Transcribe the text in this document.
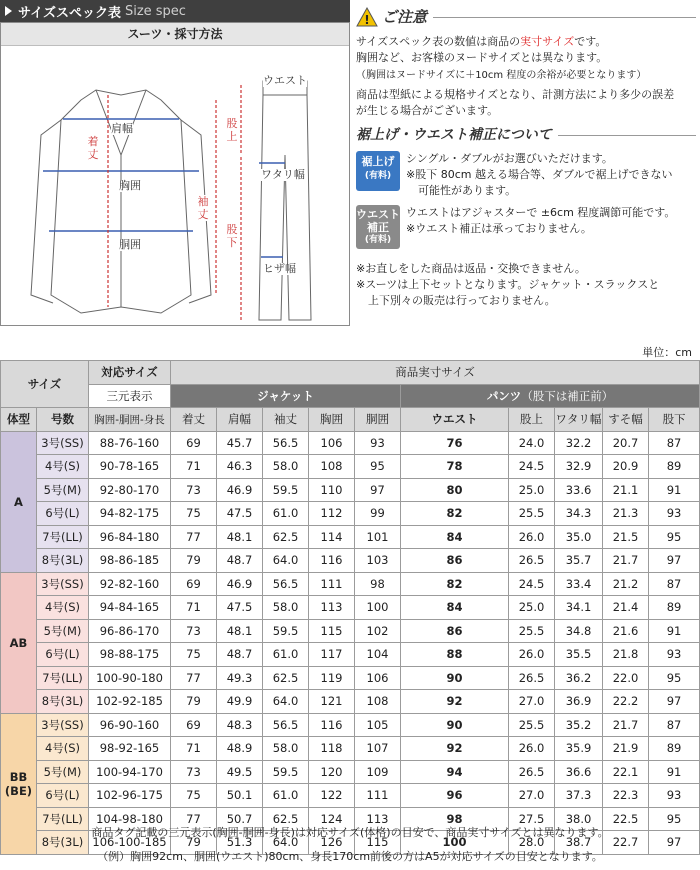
サイズスペック表 Size spec
スーツ・採寸方法
肩幅
着丈
胸囲
胴囲
袖丈
ウエスト
ワタリ幅
ヒザ幅
股上
股下
! ご注意

サイズスペック表の数値は商品の実寸サイズです。

胸囲など、お客様のヌードサイズとは異なります。

（胸囲はヌードサイズに＋10cm 程度の余裕が必要となります）

商品は型紙による規格サイズとなり、計測方法により多少の誤差

が生じる場合がございます。

裾上げ・ウエスト補正について
裾上げ
(有料)
シングル・ダブルがお選びいただけます。
※股下 80cm 越える場合等、ダブルで裾上げできない
可能性があります。
ウエスト
補正
(有料)
ウエストはアジャスターで ±6cm 程度調節可能です。
※ウエスト補正は承っておりません。

※お直しをした商品は返品・交換できません。

※スーツは上下セットとなります。ジャケット・スラックスと

上下別々の販売は行っておりません。

単位：cm
サイズ		対応サイズ	商品実寸サイズ									
		三元表示	ジャケット					パンツ（股下は補正前）				
体型	号数	胸囲-胴囲-身長	着丈	肩幅	袖丈	胸囲	胴囲	ウエスト	股上	ワタリ幅	すそ幅	股下

A	3号(SS)	88-76-160	69	45.7	56.5	106	93	76	24.0	32.2	20.7	87
	4号(S)	90-78-165	71	46.3	58.0	108	95	78	24.5	32.9	20.9	89
	5号(M)	92-80-170	73	46.9	59.5	110	97	80	25.0	33.6	21.1	91
	6号(L)	94-82-175	75	47.5	61.0	112	99	82	25.5	34.3	21.3	93
	7号(LL)	96-84-180	77	48.1	62.5	114	101	84	26.0	35.0	21.5	95
	8号(3L)	98-86-185	79	48.7	64.0	116	103	86	26.5	35.7	21.7	97

AB	3号(SS)	92-82-160	69	46.9	56.5	111	98	82	24.5	33.4	21.2	87
	4号(S)	94-84-165	71	47.5	58.0	113	100	84	25.0	34.1	21.4	89
	5号(M)	96-86-170	73	48.1	59.5	115	102	86	25.5	34.8	21.6	91
	6号(L)	98-88-175	75	48.7	61.0	117	104	88	26.0	35.5	21.8	93
	7号(LL)	100-90-180	77	49.3	62.5	119	106	90	26.5	36.2	22.0	95
	8号(3L)	102-92-185	79	49.9	64.0	121	108	92	27.0	36.9	22.2	97

BB
(BE)	3号(SS)	96-90-160	69	48.3	56.5	116	105	90	25.5	35.2	21.7	87
	4号(S)	98-92-165	71	48.9	58.0	118	107	92	26.0	35.9	21.9	89
	5号(M)	100-94-170	73	49.5	59.5	120	109	94	26.5	36.6	22.1	91
	6号(L)	102-96-175	75	50.1	61.0	122	111	96	27.0	37.3	22.3	93
	7号(LL)	104-98-180	77	50.7	62.5	124	113	98	27.5	38.0	22.5	95
	8号(3L)	106-100-185	79	51.3	64.0	126	115	100	28.0	38.7	22.7	97
商品タグ記載の三元表示(胸囲-胴囲-身長)は対応サイズ(体格)の目安で、商品実寸サイズとは異なります。
（例）胸囲92cm、胴囲(ウエスト)80cm、身長170cm前後の方はA5が対応サイズの目安となります。
